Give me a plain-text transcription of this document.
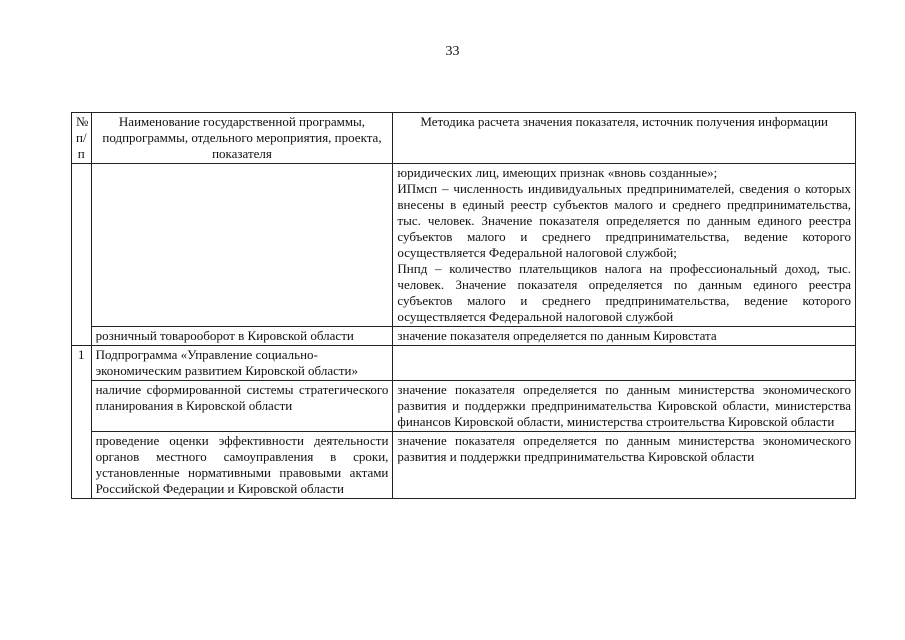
33
№ п/п	Наименование государственной программы, подпрограммы, отдельного мероприятия, проекта, показателя	Методика расчета значения показателя, источник получения информации

		юридических лиц, имеющих признак «вновь созданные»;

ИПмсп – численность индивидуальных предпринимателей, сведения о которых внесены в единый реестр субъектов малого и среднего предпринимательства, тыс. человек. Значение показателя определяется по данным единого реестра субъектов малого и среднего предпринимательства, ведение которого осуществляется Федеральной налоговой службой;

Пнпд – количество плательщиков налога на профессиональный доход, тыс. человек. Значение показателя определяется по данным единого реестра субъектов малого и среднего предпринимательства, ведение которого осуществляется Федеральной налоговой службой

	розничный товарооборот в Кировской области	значение показателя определяется по данным Кировстата
1	Подпрограмма «Управление социально-экономическим развитием Кировской области»	
	наличие сформированной системы стратегического планирования в Кировской области	значение показателя определяется по данным министерства экономического развития и поддержки предпринимательства Кировской области, министерства финансов Кировской области, министерства строительства Кировской области
	проведение оценки эффективности деятельности органов местного самоуправления в сроки, установленные нормативными правовыми актами Российской Федерации и Кировской области	значение показателя определяется по данным министерства экономического развития и поддержки предпринимательства Кировской области
